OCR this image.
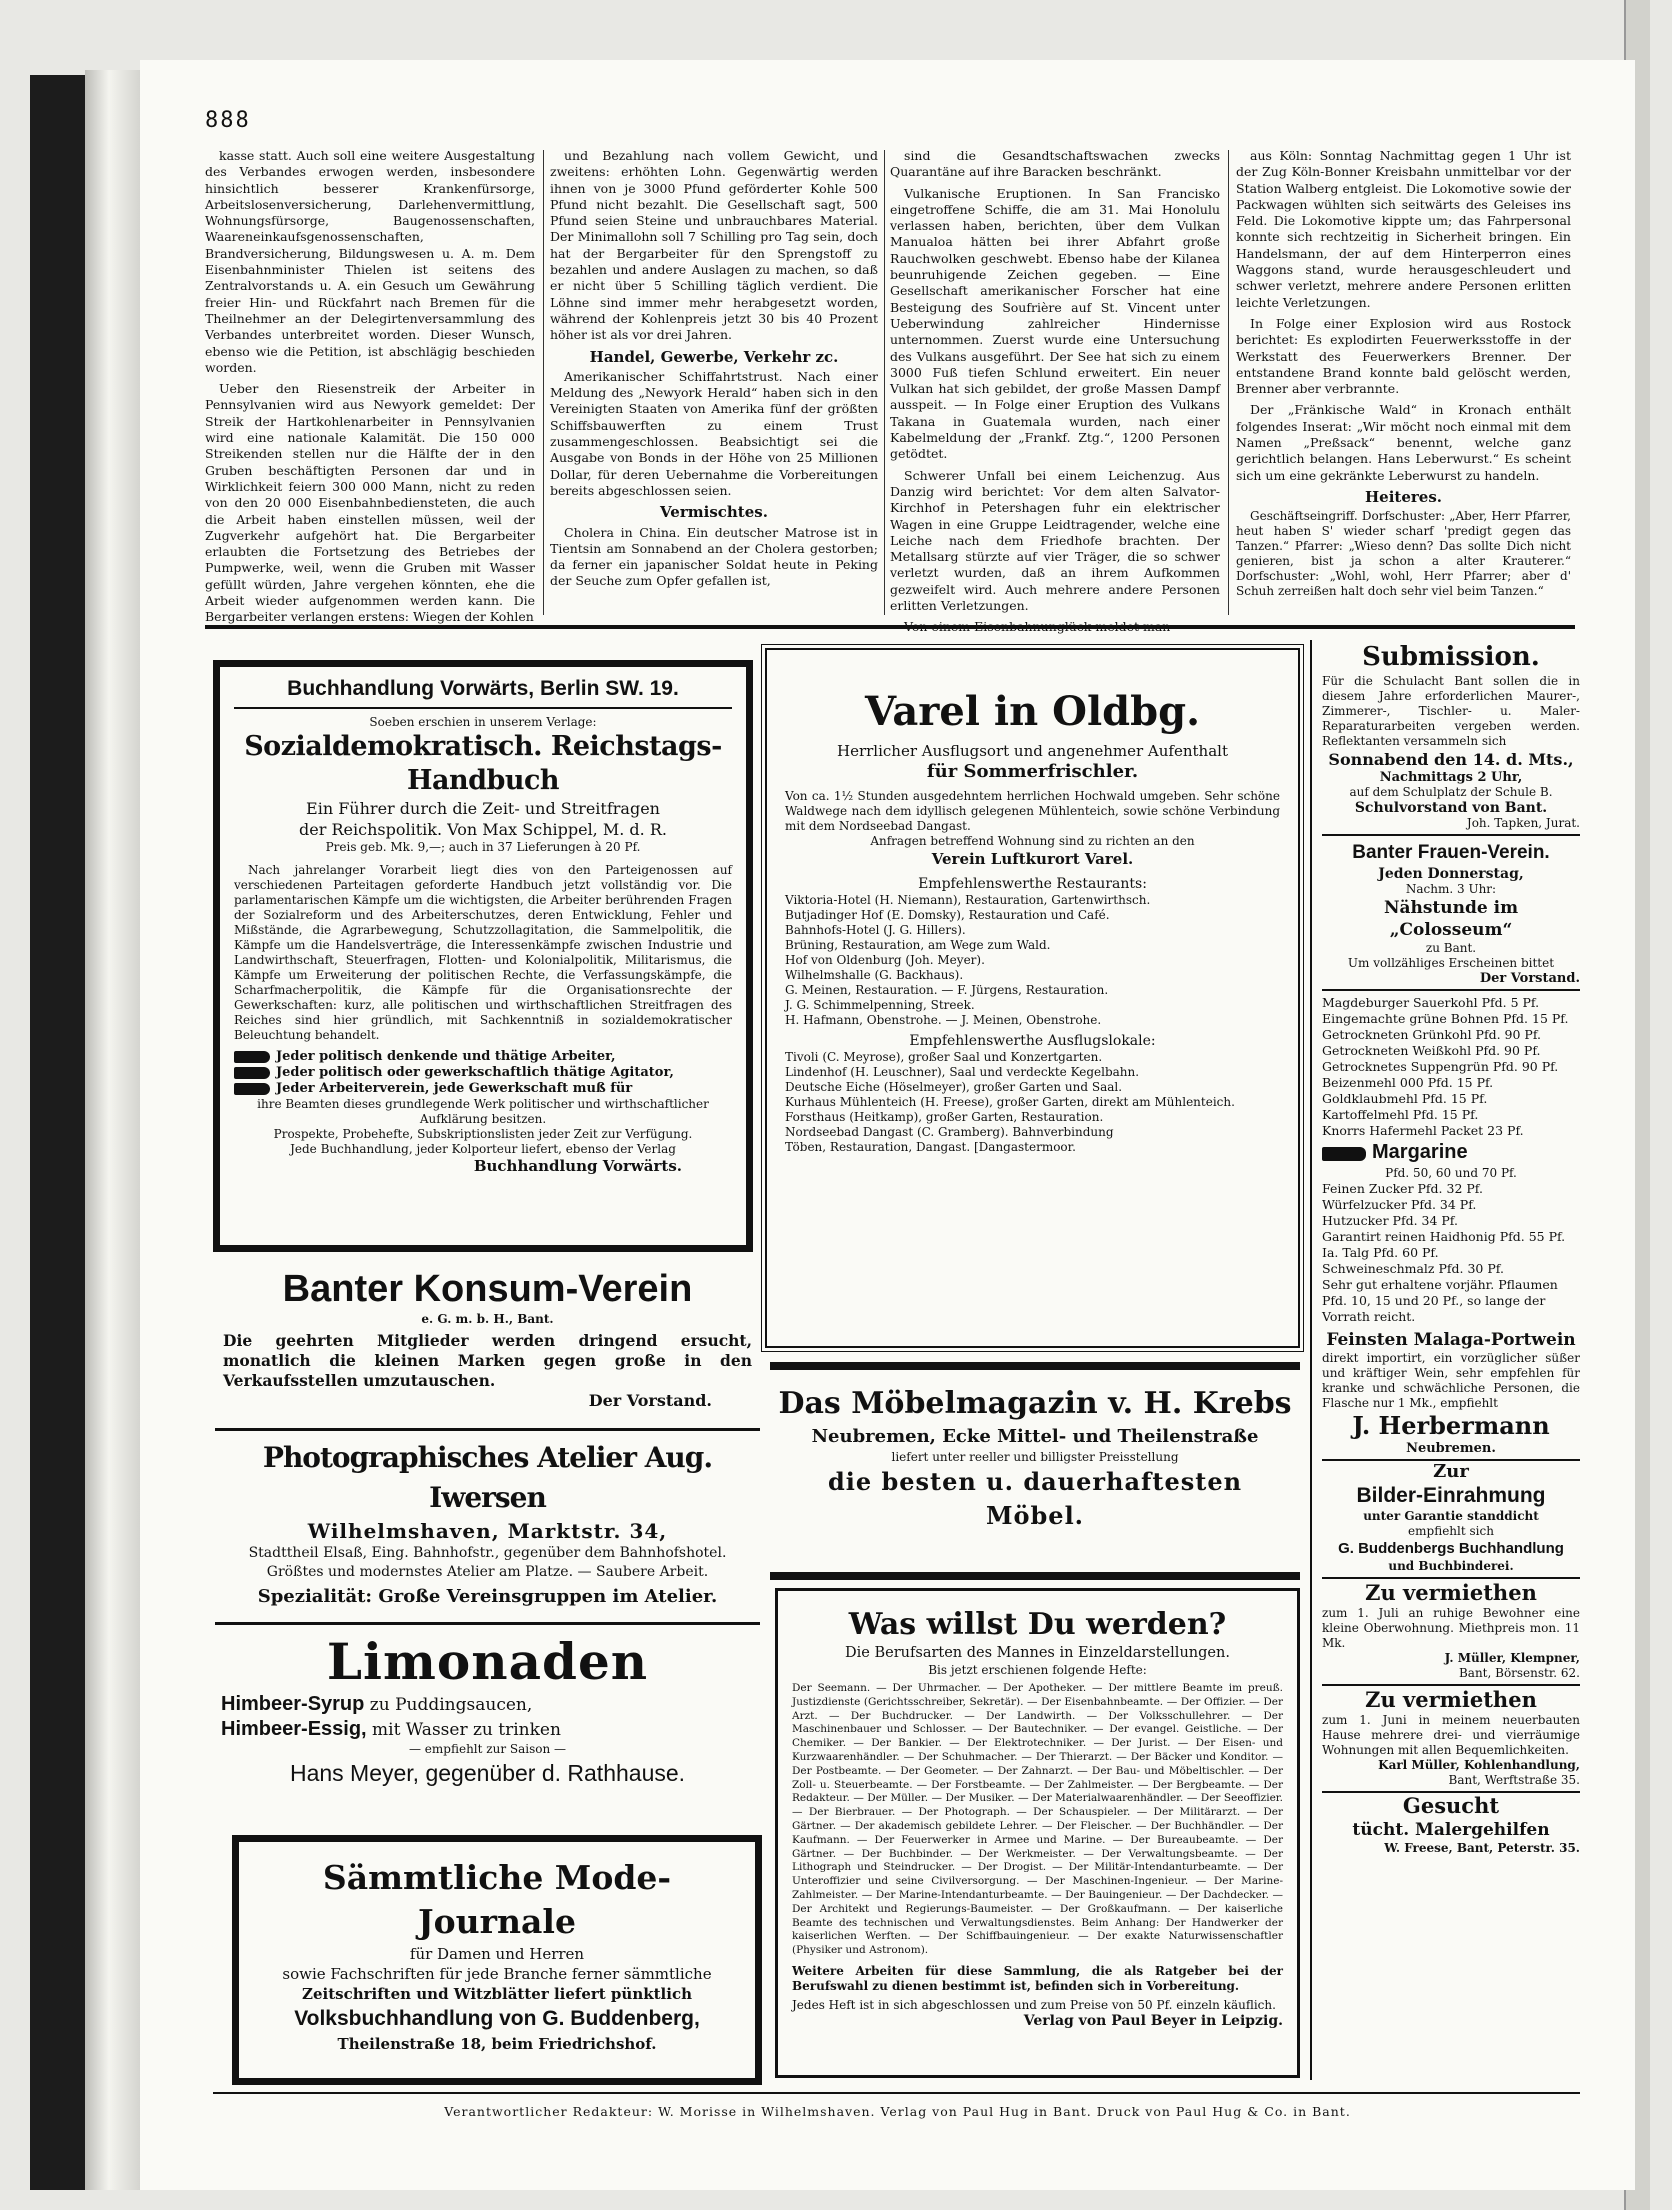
888

kasse statt. Auch soll eine weitere Ausgestaltung des Verbandes erwogen werden, insbesondere hinsichtlich besserer Krankenfürsorge, Arbeitslosenversicherung, Darlehenvermittlung, Wohnungsfürsorge, Baugenossenschaften, Waareneinkaufsgenossenschaften, Brandversicherung, Bildungswesen u. A. m. Dem Eisenbahnminister Thielen ist seitens des Zentralvorstands u. A. ein Gesuch um Gewährung freier Hin- und Rückfahrt nach Bremen für die Theilnehmer an der Delegirtenversammlung des Verbandes unterbreitet worden. Dieser Wunsch, ebenso wie die Petition, ist abschlägig beschieden worden.

Ueber den Riesenstreik der Arbeiter in Pennsylvanien wird aus Newyork gemeldet: Der Streik der Hartkohlenarbeiter in Pennsylvanien wird eine nationale Kalamität. Die 150 000 Streikenden stellen nur die Hälfte der in den Gruben beschäftigten Personen dar und in Wirklichkeit feiern 300 000 Mann, nicht zu reden von den 20 000 Eisenbahnbediensteten, die auch die Arbeit haben einstellen müssen, weil der Zugverkehr aufgehört hat. Die Bergarbeiter erlaubten die Fortsetzung des Betriebes der Pumpwerke, weil, wenn die Gruben mit Wasser gefüllt würden, Jahre vergehen könnten, ehe die Arbeit wieder aufgenommen werden kann. Die Bergarbeiter verlangen erstens: Wiegen der Kohlen

und Bezahlung nach vollem Gewicht, und zweitens: erhöhten Lohn. Gegenwärtig werden ihnen von je 3000 Pfund geförderter Kohle 500 Pfund nicht bezahlt. Die Gesellschaft sagt, 500 Pfund seien Steine und unbrauchbares Material. Der Minimallohn soll 7 Schilling pro Tag sein, doch hat der Bergarbeiter für den Sprengstoff zu bezahlen und andere Auslagen zu machen, so daß er nicht über 5 Schilling täglich verdient. Die Löhne sind immer mehr herabgesetzt worden, während der Kohlenpreis jetzt 30 bis 40 Prozent höher ist als vor drei Jahren.

Handel, Gewerbe, Verkehr zc.

Amerikanischer Schiffahrtstrust. Nach einer Meldung des „Newyork Herald“ haben sich in den Vereinigten Staaten von Amerika fünf der größten Schiffsbauwerften zu einem Trust zusammengeschlossen. Beabsichtigt sei die Ausgabe von Bonds in der Höhe von 25 Millionen Dollar, für deren Uebernahme die Vorbereitungen bereits abgeschlossen seien.

Vermischtes.

Cholera in China. Ein deutscher Matrose ist in Tientsin am Sonnabend an der Cholera gestorben; da ferner ein japanischer Soldat heute in Peking der Seuche zum Opfer gefallen ist,

sind die Gesandtschaftswachen zwecks Quarantäne auf ihre Baracken beschränkt.

Vulkanische Eruptionen. In San Francisko eingetroffene Schiffe, die am 31. Mai Honolulu verlassen haben, berichten, über dem Vulkan Manualoa hätten bei ihrer Abfahrt große Rauchwolken geschwebt. Ebenso habe der Kilanea beunruhigende Zeichen gegeben. — Eine Gesellschaft amerikanischer Forscher hat eine Besteigung des Soufrière auf St. Vincent unter Ueberwindung zahlreicher Hindernisse unternommen. Zuerst wurde eine Untersuchung des Vulkans ausgeführt. Der See hat sich zu einem 3000 Fuß tiefen Schlund erweitert. Ein neuer Vulkan hat sich gebildet, der große Massen Dampf ausspeit. — In Folge einer Eruption des Vulkans Takana in Guatemala wurden, nach einer Kabelmeldung der „Frankf. Ztg.“, 1200 Personen getödtet.

Schwerer Unfall bei einem Leichenzug. Aus Danzig wird berichtet: Vor dem alten Salvator-Kirchhof in Petershagen fuhr ein elektrischer Wagen in eine Gruppe Leidtragender, welche eine Leiche nach dem Friedhofe brachten. Der Metallsarg stürzte auf vier Träger, die so schwer verletzt wurden, daß an ihrem Aufkommen gezweifelt wird. Auch mehrere andere Personen erlitten Verletzungen.

aus Köln: Sonntag Nachmittag gegen 1 Uhr ist der Zug Köln-Bonner Kreisbahn unmittelbar vor der Station Walberg entgleist. Die Lokomotive sowie der Packwagen wühlten sich seitwärts des Geleises ins Feld. Die Lokomotive kippte um; das Fahrpersonal konnte sich rechtzeitig in Sicherheit bringen. Ein Handelsmann, der auf dem Hinterperron eines Waggons stand, wurde herausgeschleudert und schwer verletzt, mehrere andere Personen erlitten leichte Verletzungen.

In Folge einer Explosion wird aus Rostock berichtet: Es explodirten Feuerwerksstoffe in der Werkstatt des Feuerwerkers Brenner. Der entstandene Brand konnte bald gelöscht werden, Brenner aber verbrannte.

Der „Fränkische Wald“ in Kronach enthält folgendes Inserat: „Wir möcht noch einmal mit dem Namen „Preßsack“ benennt, welche ganz gerichtlich belangen. Hans Leberwurst.“ Es scheint sich um eine gekränkte Leberwurst zu handeln.

Heiteres.

Geschäftseingriff. Dorfschuster: „Aber, Herr Pfarrer, heut haben S' wieder scharf 'predigt gegen das Tanzen.“ Pfarrer: „Wieso denn? Das sollte Dich nicht genieren, bist ja schon a alter Krauterer.“ Dorfschuster: „Wohl, wohl, Herr Pfarrer; aber d' Schuh zerreißen halt doch sehr viel beim Tanzen.“

Buchhandlung Vorwärts, Berlin SW. 19.
Soeben erschien in unserem Verlage:
Sozialdemokratisch. Reichstags-Handbuch
Ein Führer durch die Zeit- und Streitfragen
der Reichspolitik. Von Max Schippel, M. d. R.
Preis geb. Mk. 9,—; auch in 37 Lieferungen à 20 Pf.
Nach jahrelanger Vorarbeit liegt dies von den Parteigenossen auf verschiedenen Parteitagen geforderte Handbuch jetzt vollständig vor. Die parlamentarischen Kämpfe um die wichtigsten, die Arbeiter berührenden Fragen der Sozialreform und des Arbeiterschutzes, deren Entwicklung, Fehler und Mißstände, die Agrarbewegung, Schutzzollagitation, die Sammelpolitik, die Kämpfe um die Handelsverträge, die Interessenkämpfe zwischen Industrie und Landwirthschaft, Steuerfragen, Flotten- und Kolonialpolitik, Militarismus, die Kämpfe um Erweiterung der politischen Rechte, die Verfassungskämpfe, die Scharfmacherpolitik, die Kämpfe für die Organisationsrechte der Gewerkschaften: kurz, alle politischen und wirthschaftlichen Streitfragen des Reiches sind hier gründlich, mit Sachkenntniß in sozialdemokratischer Beleuchtung behandelt.
Jeder politisch denkende und thätige Arbeiter,
Jeder politisch oder gewerkschaftlich thätige Agitator,
Jeder Arbeiterverein, jede Gewerkschaft muß für
ihre Beamten dieses grundlegende Werk politischer und wirthschaftlicher Aufklärung besitzen.
Prospekte, Probehefte, Subskriptionslisten jeder Zeit zur Verfügung.
Jede Buchhandlung, jeder Kolporteur liefert, ebenso der Verlag
Buchhandlung Vorwärts.
Varel in Oldbg.
Herrlicher Ausflugsort und angenehmer Aufenthalt
für Sommerfrischler.
Von ca. 1½ Stunden ausgedehntem herrlichen Hochwald umgeben. Sehr schöne Waldwege nach dem idyllisch gelegenen Mühlenteich, sowie schöne Verbindung mit dem Nordseebad Dangast.
Anfragen betreffend Wohnung sind zu richten an den
Verein Luftkurort Varel.
Empfehlenswerthe Restaurants:
Viktoria-Hotel (H. Niemann), Restauration, Gartenwirthsch.
Butjadinger Hof (E. Domsky), Restauration und Café.
Bahnhofs-Hotel (J. G. Hillers).
Brüning, Restauration, am Wege zum Wald.
Hof von Oldenburg (Joh. Meyer).
Wilhelmshalle (G. Backhaus).
G. Meinen, Restauration. — F. Jürgens, Restauration.
J. G. Schimmelpenning, Streek.
H. Hafmann, Obenstrohe. — J. Meinen, Obenstrohe.
Empfehlenswerthe Ausflugslokale:
Tivoli (C. Meyrose), großer Saal und Konzertgarten.
Lindenhof (H. Leuschner), Saal und verdeckte Kegelbahn.
Deutsche Eiche (Höselmeyer), großer Garten und Saal.
Kurhaus Mühlenteich (H. Freese), großer Garten, direkt am Mühlenteich.
Forsthaus (Heitkamp), großer Garten, Restauration.
Nordseebad Dangast (C. Gramberg). Bahnverbindung
Töben, Restauration, Dangast. [Dangastermoor.
Submission.
Für die Schulacht Bant sollen die in diesem Jahre erforderlichen Maurer-, Zimmerer-, Tischler- u. Maler-Reparaturarbeiten vergeben werden. Reflektanten versammeln sich
Sonnabend den 14. d. Mts.,
Nachmittags 2 Uhr,
auf dem Schulplatz der Schule B.
Schulvorstand von Bant.
Joh. Tapken, Jurat.
Banter Frauen-Verein.
Jeden Donnerstag,
Nachm. 3 Uhr:
Nähstunde im „Colosseum“
zu Bant.
Um vollzähliges Erscheinen bittet
Der Vorstand.
Magdeburger Sauerkohl Pfd. 5 Pf.
Eingemachte grüne Bohnen Pfd. 15 Pf.
Getrockneten Grünkohl Pfd. 90 Pf.
Getrockneten Weißkohl Pfd. 90 Pf.
Getrocknetes Suppengrün Pfd. 90 Pf.
Beizenmehl 000 Pfd. 15 Pf.
Goldklaubmehl Pfd. 15 Pf.
Kartoffelmehl Pfd. 15 Pf.
Knorrs Hafermehl Packet 23 Pf.
Margarine
Pfd. 50, 60 und 70 Pf.
Feinen Zucker Pfd. 32 Pf.
Würfelzucker Pfd. 34 Pf.
Hutzucker Pfd. 34 Pf.
Garantirt reinen Haidhonig Pfd. 55 Pf.
Ia. Talg Pfd. 60 Pf.
Schweineschmalz Pfd. 30 Pf.
Sehr gut erhaltene vorjähr. Pflaumen Pfd. 10, 15 und 20 Pf., so lange der Vorrath reicht.
Feinsten Malaga-Portwein
direkt importirt, ein vorzüglicher süßer und kräftiger Wein, sehr empfehlen für kranke und schwächliche Personen, die Flasche nur 1 Mk., empfiehlt
J. Herbermann
Neubremen.
Zur
Bilder-Einrahmung
unter Garantie standdicht
empfiehlt sich
G. Buddenbergs Buchhandlung
und Buchbinderei.
Zu vermiethen
zum 1. Juli an ruhige Bewohner eine kleine Oberwohnung. Miethpreis mon. 11 Mk.
J. Müller, Klempner,
Bant, Börsenstr. 62.
Zu vermiethen
zum 1. Juni in meinem neuerbauten Hause mehrere drei- und vierräumige Wohnungen mit allen Bequemlichkeiten.
Karl Müller, Kohlenhandlung,
Bant, Werftstraße 35.
Gesucht
tücht. Malergehilfen
W. Freese, Bant, Peterstr. 35.
Banter Konsum-Verein
e. G. m. b. H., Bant.
Die geehrten Mitglieder werden dringend ersucht, monatlich die kleinen Marken gegen große in den Verkaufsstellen umzutauschen.
Der Vorstand.
Photographisches Atelier Aug. Iwersen
Wilhelmshaven, Marktstr. 34,
Stadttheil Elsaß, Eing. Bahnhofstr., gegenüber dem Bahnhofshotel.
Größtes und modernstes Atelier am Platze. — Saubere Arbeit.
Spezialität: Große Vereinsgruppen im Atelier.
Limonaden
Himbeer-Syrup zu Puddingsaucen,
Himbeer-Essig, mit Wasser zu trinken
— empfiehlt zur Saison —
Hans Meyer, gegenüber d. Rathhause.
Sämmtliche Mode-Journale
für Damen und Herren
sowie Fachschriften für jede Branche ferner sämmtliche
Zeitschriften und Witzblätter liefert pünktlich
Volksbuchhandlung von G. Buddenberg,
Theilenstraße 18, beim Friedrichshof.
Das Möbelmagazin v. H. Krebs
Neubremen, Ecke Mittel- und Theilenstraße
liefert unter reeller und billigster Preisstellung
die besten u. dauerhaftesten Möbel.
Was willst Du werden?
Die Berufsarten des Mannes in Einzeldarstellungen.
Bis jetzt erschienen folgende Hefte:
Der Seemann. — Der Uhrmacher. — Der Apotheker. — Der mittlere Beamte im preuß. Justizdienste (Gerichtsschreiber, Sekretär). — Der Eisenbahnbeamte. — Der Offizier. — Der Arzt. — Der Buchdrucker. — Der Landwirth. — Der Volksschullehrer. — Der Maschinenbauer und Schlosser. — Der Bautechniker. — Der evangel. Geistliche. — Der Chemiker. — Der Bankier. — Der Elektrotechniker. — Der Jurist. — Der Eisen- und Kurzwaarenhändler. — Der Schuhmacher. — Der Thierarzt. — Der Bäcker und Konditor. — Der Postbeamte. — Der Geometer. — Der Zahnarzt. — Der Bau- und Möbeltischler. — Der Zoll- u. Steuerbeamte. — Der Forstbeamte. — Der Zahlmeister. — Der Bergbeamte. — Der Redakteur. — Der Müller. — Der Musiker. — Der Materialwaarenhändler. — Der Seeoffizier. — Der Bierbrauer. — Der Photograph. — Der Schauspieler. — Der Militärarzt. — Der Gärtner. — Der akademisch gebildete Lehrer. — Der Fleischer. — Der Buchhändler. — Der Kaufmann. — Der Feuerwerker in Armee und Marine. — Der Bureaubeamte. — Der Gärtner. — Der Buchbinder. — Der Werkmeister. — Der Verwaltungsbeamte. — Der Lithograph und Steindrucker. — Der Drogist. — Der Militär-Intendanturbeamte. — Der Unteroffizier und seine Civilversorgung. — Der Maschinen-Ingenieur. — Der Marine-Zahlmeister. — Der Marine-Intendanturbeamte. — Der Bauingenieur. — Der Dachdecker. — Der Architekt und Regierungs-Baumeister. — Der Großkaufmann. — Der kaiserliche Beamte des technischen und Verwaltungsdienstes. Beim Anhang: Der Handwerker der kaiserlichen Werften. — Der Schiffbauingenieur. — Der exakte Naturwissenschaftler (Physiker und Astronom).
Weitere Arbeiten für diese Sammlung, die als Ratgeber bei der Berufswahl zu dienen bestimmt ist, befinden sich in Vorbereitung.
Jedes Heft ist in sich abgeschlossen und zum Preise von 50 Pf. einzeln käuflich.
Verlag von Paul Beyer in Leipzig.
Verantwortlicher Redakteur: W. Morisse in Wilhelmshaven. Verlag von Paul Hug in Bant. Druck von Paul Hug & Co. in Bant.
